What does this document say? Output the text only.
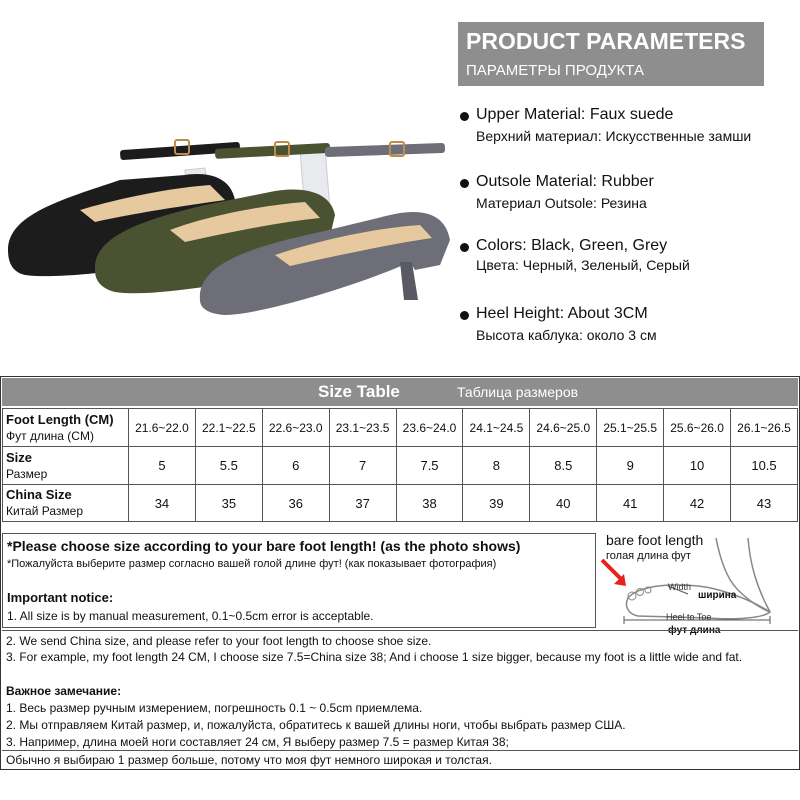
PRODUCT PARAMETERS
ПАРАМЕТРЫ ПРОДУКТА
Upper Material: Faux suede
Верхний материал: Искусственные замши
Outsole Material: Rubber
Материал Outsole: Резина
Colors: Black, Green, Grey
Цвета: Черный, Зеленый, Серый
Heel Height: About 3CM
Высота каблука: около 3 см
Size Table	Таблица размеров
Foot Length (CM)
Фут длина (CM)	21.6~22.0	22.1~22.5	22.6~23.0	23.1~23.5	23.6~24.0	24.1~24.5	24.6~25.0	25.1~25.5	25.6~26.0	26.1~26.5

Size
Размер	5	5.5	6	7	7.5	8	8.5	9	10	10.5

China Size
Китай Размер	34	35	36	37	38	39	40	41	42	43
*Please choose size according to your bare foot length! (as the photo shows)
*Пожалуйста выберите размер согласно вашей голой длине фут! (как показывает фотография)
Important notice:
1. All size is by manual measurement, 0.1~0.5cm error is acceptable.
bare foot length
голая длина фут
Width
Heel to Toe
ширина
фут длина
2. We send China size, and please refer to your foot length to choose shoe size.
3. For example, my foot length 24 CM, I choose size 7.5=China size 38; And i choose 1 size bigger, because my foot is a little wide and fat.
Важное замечание:
1. Весь размер ручным измерением, погрешность 0.1 ~ 0.5cm приемлема.
2. Мы отправляем Китай размер, и, пожалуйста, обратитесь к вашей длины ноги, чтобы выбрать размер США.
3. Например, длина моей ноги составляет 24 см, Я выберу размер 7.5 = размер Китая 38;
Обычно я выбираю 1 размер больше, потому что моя фут немного широкая и толстая.
